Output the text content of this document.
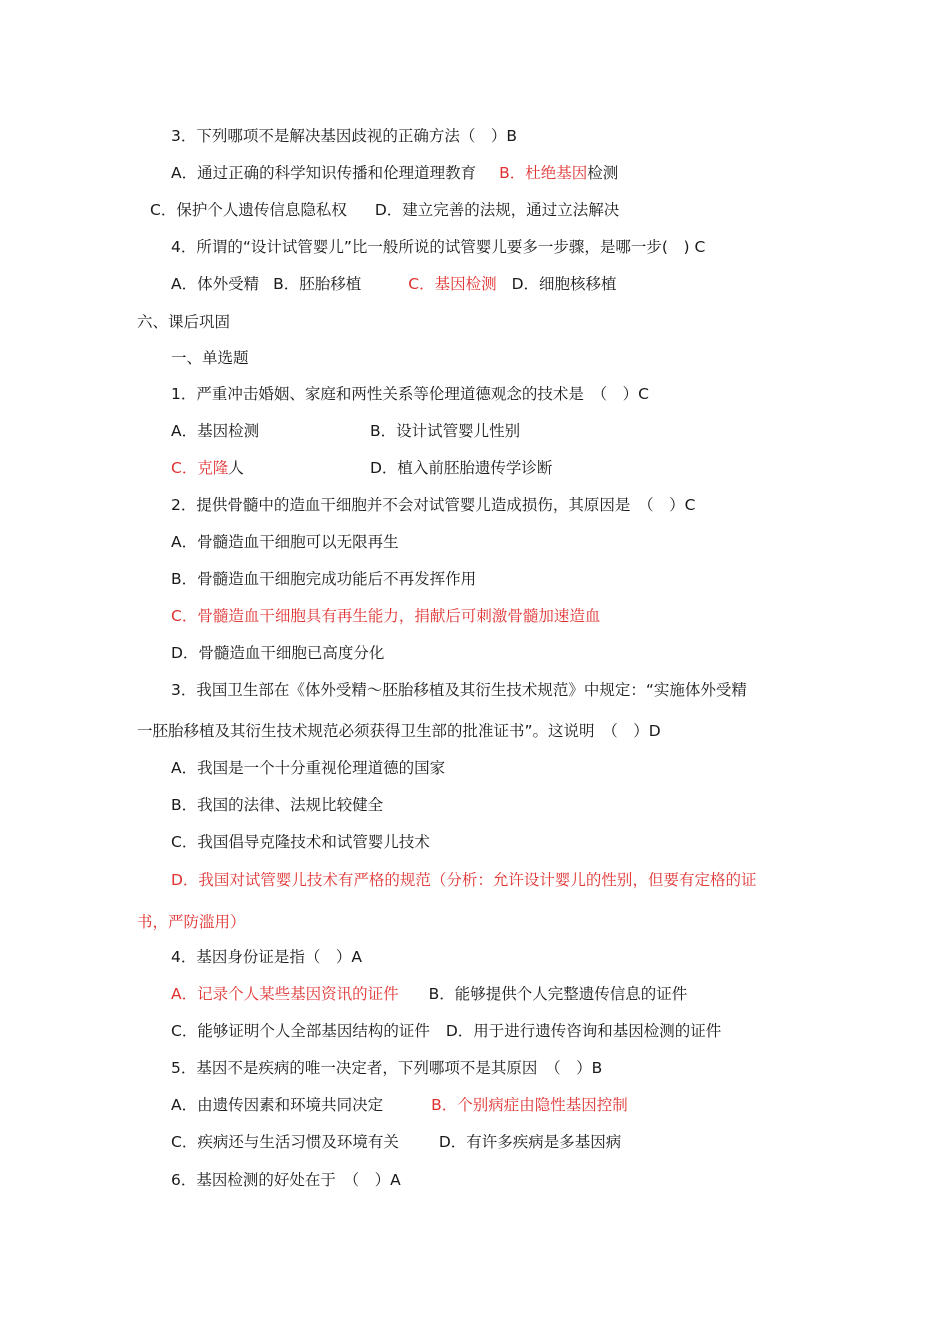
3．下列哪项不是解决基因歧视的正确方法（　）B
A．通过正确的科学知识传播和伦理道理教育 B．杜绝基因检测
C．保护个人遗传信息隐私权 D．建立完善的法规，通过立法解决
4．所谓的“设计试管婴儿”比一般所说的试管婴儿要多一步骤，是哪一步(　) C
A．体外受精 B．胚胎移植	C．基因检测 D．细胞核移植
六、课后巩固
一、单选题
1．严重冲击婚姻、家庭和两性关系等伦理道德观念的技术是　（　）C
A．基因检测	B．设计试管婴儿性别
C．克隆人	D．植入前胚胎遗传学诊断
2．提供骨髓中的造血干细胞并不会对试管婴儿造成损伤，其原因是　（　）C
A．骨髓造血干细胞可以无限再生
B．骨髓造血干细胞完成功能后不再发挥作用
C．骨髓造血干细胞具有再生能力，捐献后可刺激骨髓加速造血
D．骨髓造血干细胞已高度分化
3．我国卫生部在《体外受精～胚胎移植及其衍生技术规范》中规定：“实施体外受精
一胚胎移植及其衍生技术规范必须获得卫生部的批准证书”。这说明　（　）D
A．我国是一个十分重视伦理道德的国家
B．我国的法律、法规比较健全
C．我国倡导克隆技术和试管婴儿技术
D．我国对试管婴儿技术有严格的规范（分析：允许设计婴儿的性别，但要有定格的证
书，严防滥用）
4．基因身份证是指（　）A
A．记录个人某些基因资讯的证件 B．能够提供个人完整遗传信息的证件
C．能够证明个人全部基因结构的证件 D．用于进行遗传咨询和基因检测的证件
5．基因不是疾病的唯一决定者，下列哪项不是其原因　（　）B
A．由遗传因素和环境共同决定	B．个别病症由隐性基因控制
C．疾病还与生活习惯及环境有关	D．有许多疾病是多基因病
6．基因检测的好处在于　（　）A
